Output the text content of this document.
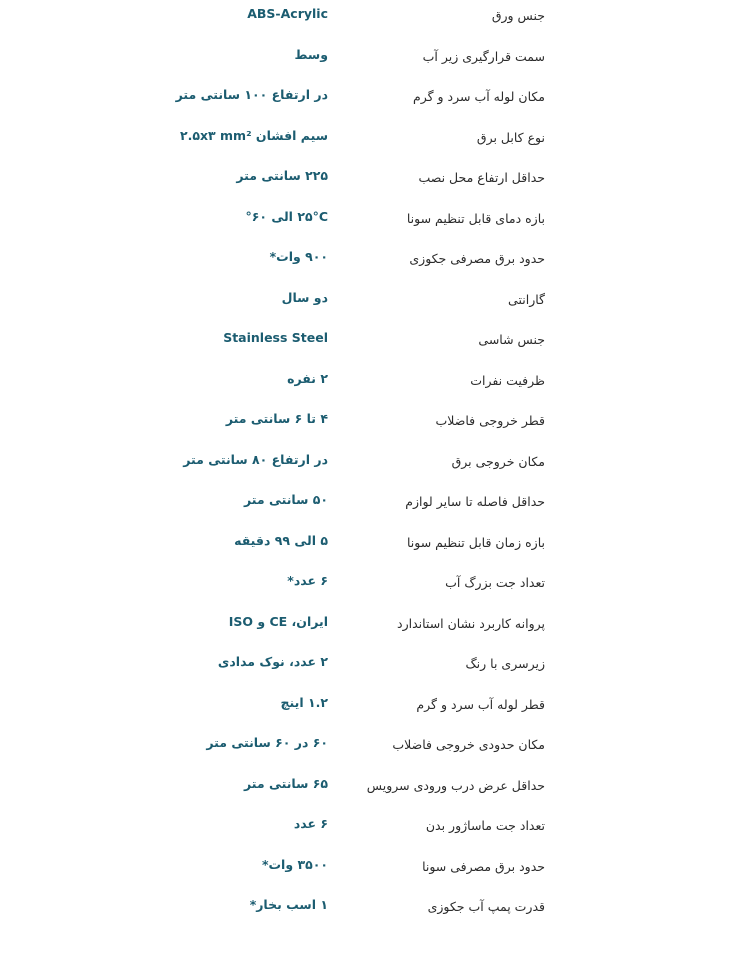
جنس ورق
ABS-Acrylic
سمت قرارگیری زیر آب
وسط
مکان لوله آب سرد و گرم
در ارتفاع ۱۰۰ سانتی متر
نوع کابل برق
سیم افشان ۲.۵x۳ mm²
حداقل ارتفاع محل نصب
۲۲۵ سانتی متر
بازه دمای قابل تنظیم سونا
۲۵°C الی ۶۰°
حدود برق مصرفی جکوزی
۹۰۰ وات*
گارانتی
دو سال
جنس شاسی
Stainless Steel
ظرفیت نفرات
۲ نفره
قطر خروجی فاضلاب
۴ تا ۶ سانتی متر
مکان خروجی برق
در ارتفاع ۸۰ سانتی متر
حداقل فاصله تا سایر لوازم
۵۰ سانتی متر
بازه زمان قابل تنظیم سونا
۵ الی ۹۹ دقیقه
تعداد جت بزرگ آب
۶ عدد*
پروانه کاربرد نشان استاندارد
ایران، CE و ISO
زیرسری با رنگ
۲ عدد، نوک مدادی
قطر لوله آب سرد و گرم
۱.۲ اینچ
مکان حدودی خروجی فاضلاب
۶۰ در ۶۰ سانتی متر
حداقل عرض درب ورودی سرویس
۶۵ سانتی متر
تعداد جت ماساژور بدن
۶ عدد
حدود برق مصرفی سونا
۳۵۰۰ وات*
قدرت پمپ آب جکوزی
۱ اسب بخار*
